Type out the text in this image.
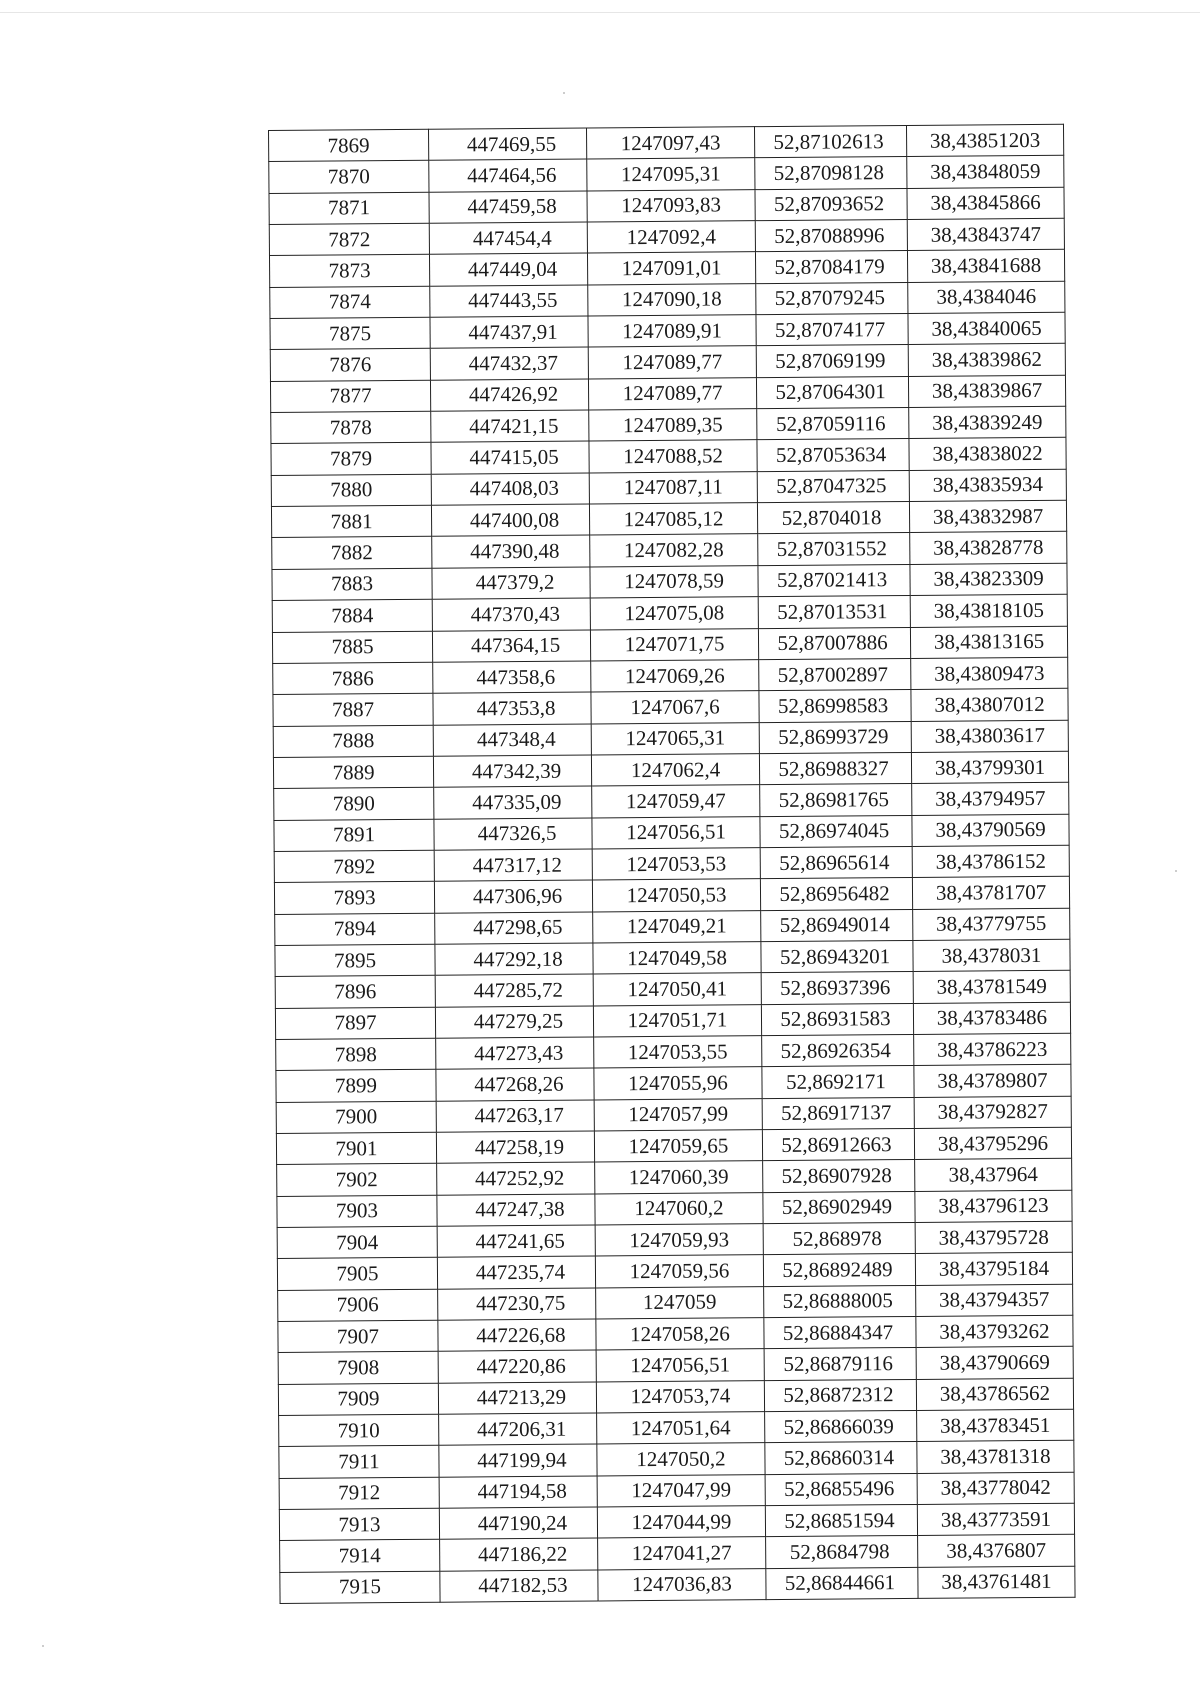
7869	447469,55	1247097,43	52,87102613	38,43851203
7870	447464,56	1247095,31	52,87098128	38,43848059
7871	447459,58	1247093,83	52,87093652	38,43845866
7872	447454,4	1247092,4	52,87088996	38,43843747
7873	447449,04	1247091,01	52,87084179	38,43841688
7874	447443,55	1247090,18	52,87079245	38,4384046
7875	447437,91	1247089,91	52,87074177	38,43840065
7876	447432,37	1247089,77	52,87069199	38,43839862
7877	447426,92	1247089,77	52,87064301	38,43839867
7878	447421,15	1247089,35	52,87059116	38,43839249
7879	447415,05	1247088,52	52,87053634	38,43838022
7880	447408,03	1247087,11	52,87047325	38,43835934
7881	447400,08	1247085,12	52,8704018	38,43832987
7882	447390,48	1247082,28	52,87031552	38,43828778
7883	447379,2	1247078,59	52,87021413	38,43823309
7884	447370,43	1247075,08	52,87013531	38,43818105
7885	447364,15	1247071,75	52,87007886	38,43813165
7886	447358,6	1247069,26	52,87002897	38,43809473
7887	447353,8	1247067,6	52,86998583	38,43807012
7888	447348,4	1247065,31	52,86993729	38,43803617
7889	447342,39	1247062,4	52,86988327	38,43799301
7890	447335,09	1247059,47	52,86981765	38,43794957
7891	447326,5	1247056,51	52,86974045	38,43790569
7892	447317,12	1247053,53	52,86965614	38,43786152
7893	447306,96	1247050,53	52,86956482	38,43781707
7894	447298,65	1247049,21	52,86949014	38,43779755
7895	447292,18	1247049,58	52,86943201	38,4378031
7896	447285,72	1247050,41	52,86937396	38,43781549
7897	447279,25	1247051,71	52,86931583	38,43783486
7898	447273,43	1247053,55	52,86926354	38,43786223
7899	447268,26	1247055,96	52,8692171	38,43789807
7900	447263,17	1247057,99	52,86917137	38,43792827
7901	447258,19	1247059,65	52,86912663	38,43795296
7902	447252,92	1247060,39	52,86907928	38,437964
7903	447247,38	1247060,2	52,86902949	38,43796123
7904	447241,65	1247059,93	52,868978	38,43795728
7905	447235,74	1247059,56	52,86892489	38,43795184
7906	447230,75	1247059	52,86888005	38,43794357
7907	447226,68	1247058,26	52,86884347	38,43793262
7908	447220,86	1247056,51	52,86879116	38,43790669
7909	447213,29	1247053,74	52,86872312	38,43786562
7910	447206,31	1247051,64	52,86866039	38,43783451
7911	447199,94	1247050,2	52,86860314	38,43781318
7912	447194,58	1247047,99	52,86855496	38,43778042
7913	447190,24	1247044,99	52,86851594	38,43773591
7914	447186,22	1247041,27	52,8684798	38,4376807
7915	447182,53	1247036,83	52,86844661	38,43761481
